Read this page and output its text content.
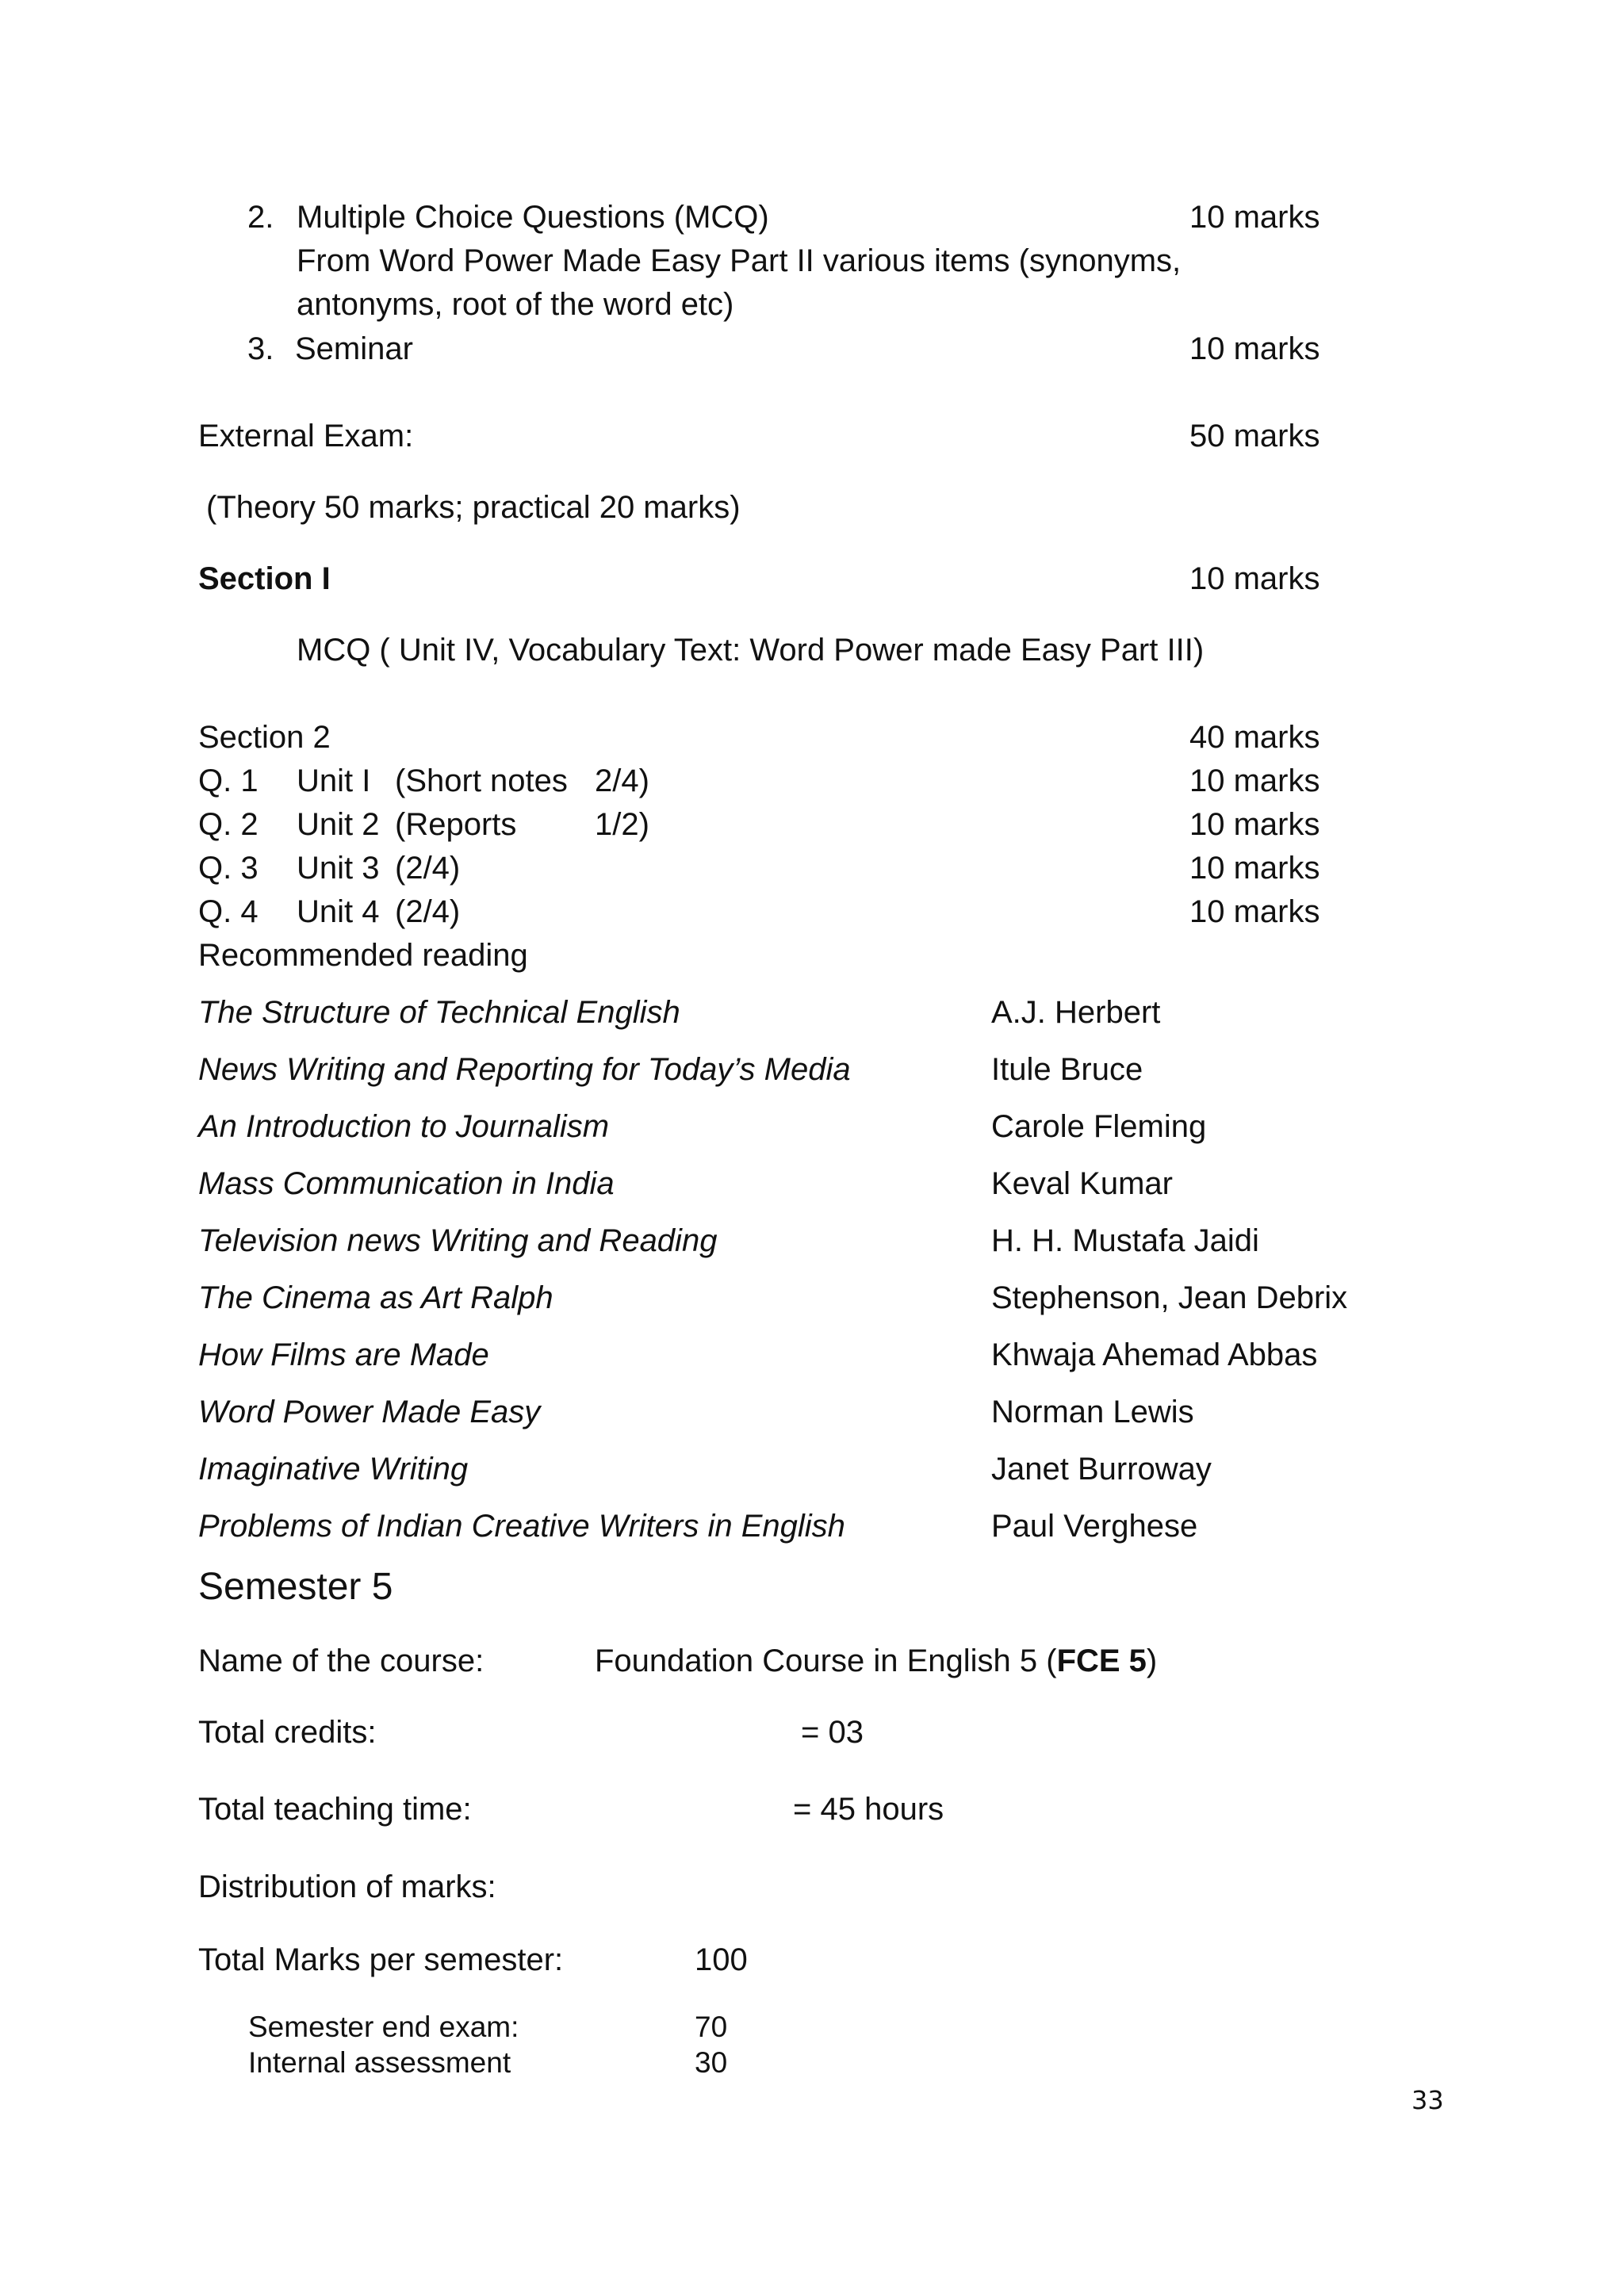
2. Multiple Choice Questions (MCQ)	10 marks
From Word Power Made Easy Part II various items (synonyms,
antonyms, root of the word etc)
3. Seminar	10 marks
External Exam:	50 marks
(Theory 50 marks; practical 20 marks)
Section I	10 marks
MCQ ( Unit IV, Vocabulary Text: Word Power made Easy Part III)
Section 2	40 marks
Q. 1 Unit I (Short notes 2/4)	10 marks
Q. 2 Unit 2 (Reports 1/2)	10 marks
Q. 3 Unit 3 (2/4)	10 marks
Q. 4 Unit 4 (2/4)	10 marks
Recommended reading
The Structure of Technical English	A.J. Herbert
News Writing and Reporting for Today’s Media	Itule Bruce
An Introduction to Journalism	Carole Fleming
Mass Communication in India	Keval Kumar
Television news Writing and Reading	H. H. Mustafa Jaidi
The Cinema as Art Ralph	Stephenson, Jean Debrix
How Films are Made	Khwaja Ahemad Abbas
Word Power Made Easy	Norman Lewis
Imaginative Writing	Janet Burroway
Problems of Indian Creative Writers in English	Paul Verghese
Semester 5
Name of the course:	Foundation Course in English 5 (FCE 5)
Total credits:	= 03
Total teaching time:	= 45 hours
Distribution of marks:
Total Marks per semester:	100
Semester end exam:	70
Internal assessment	30
33
